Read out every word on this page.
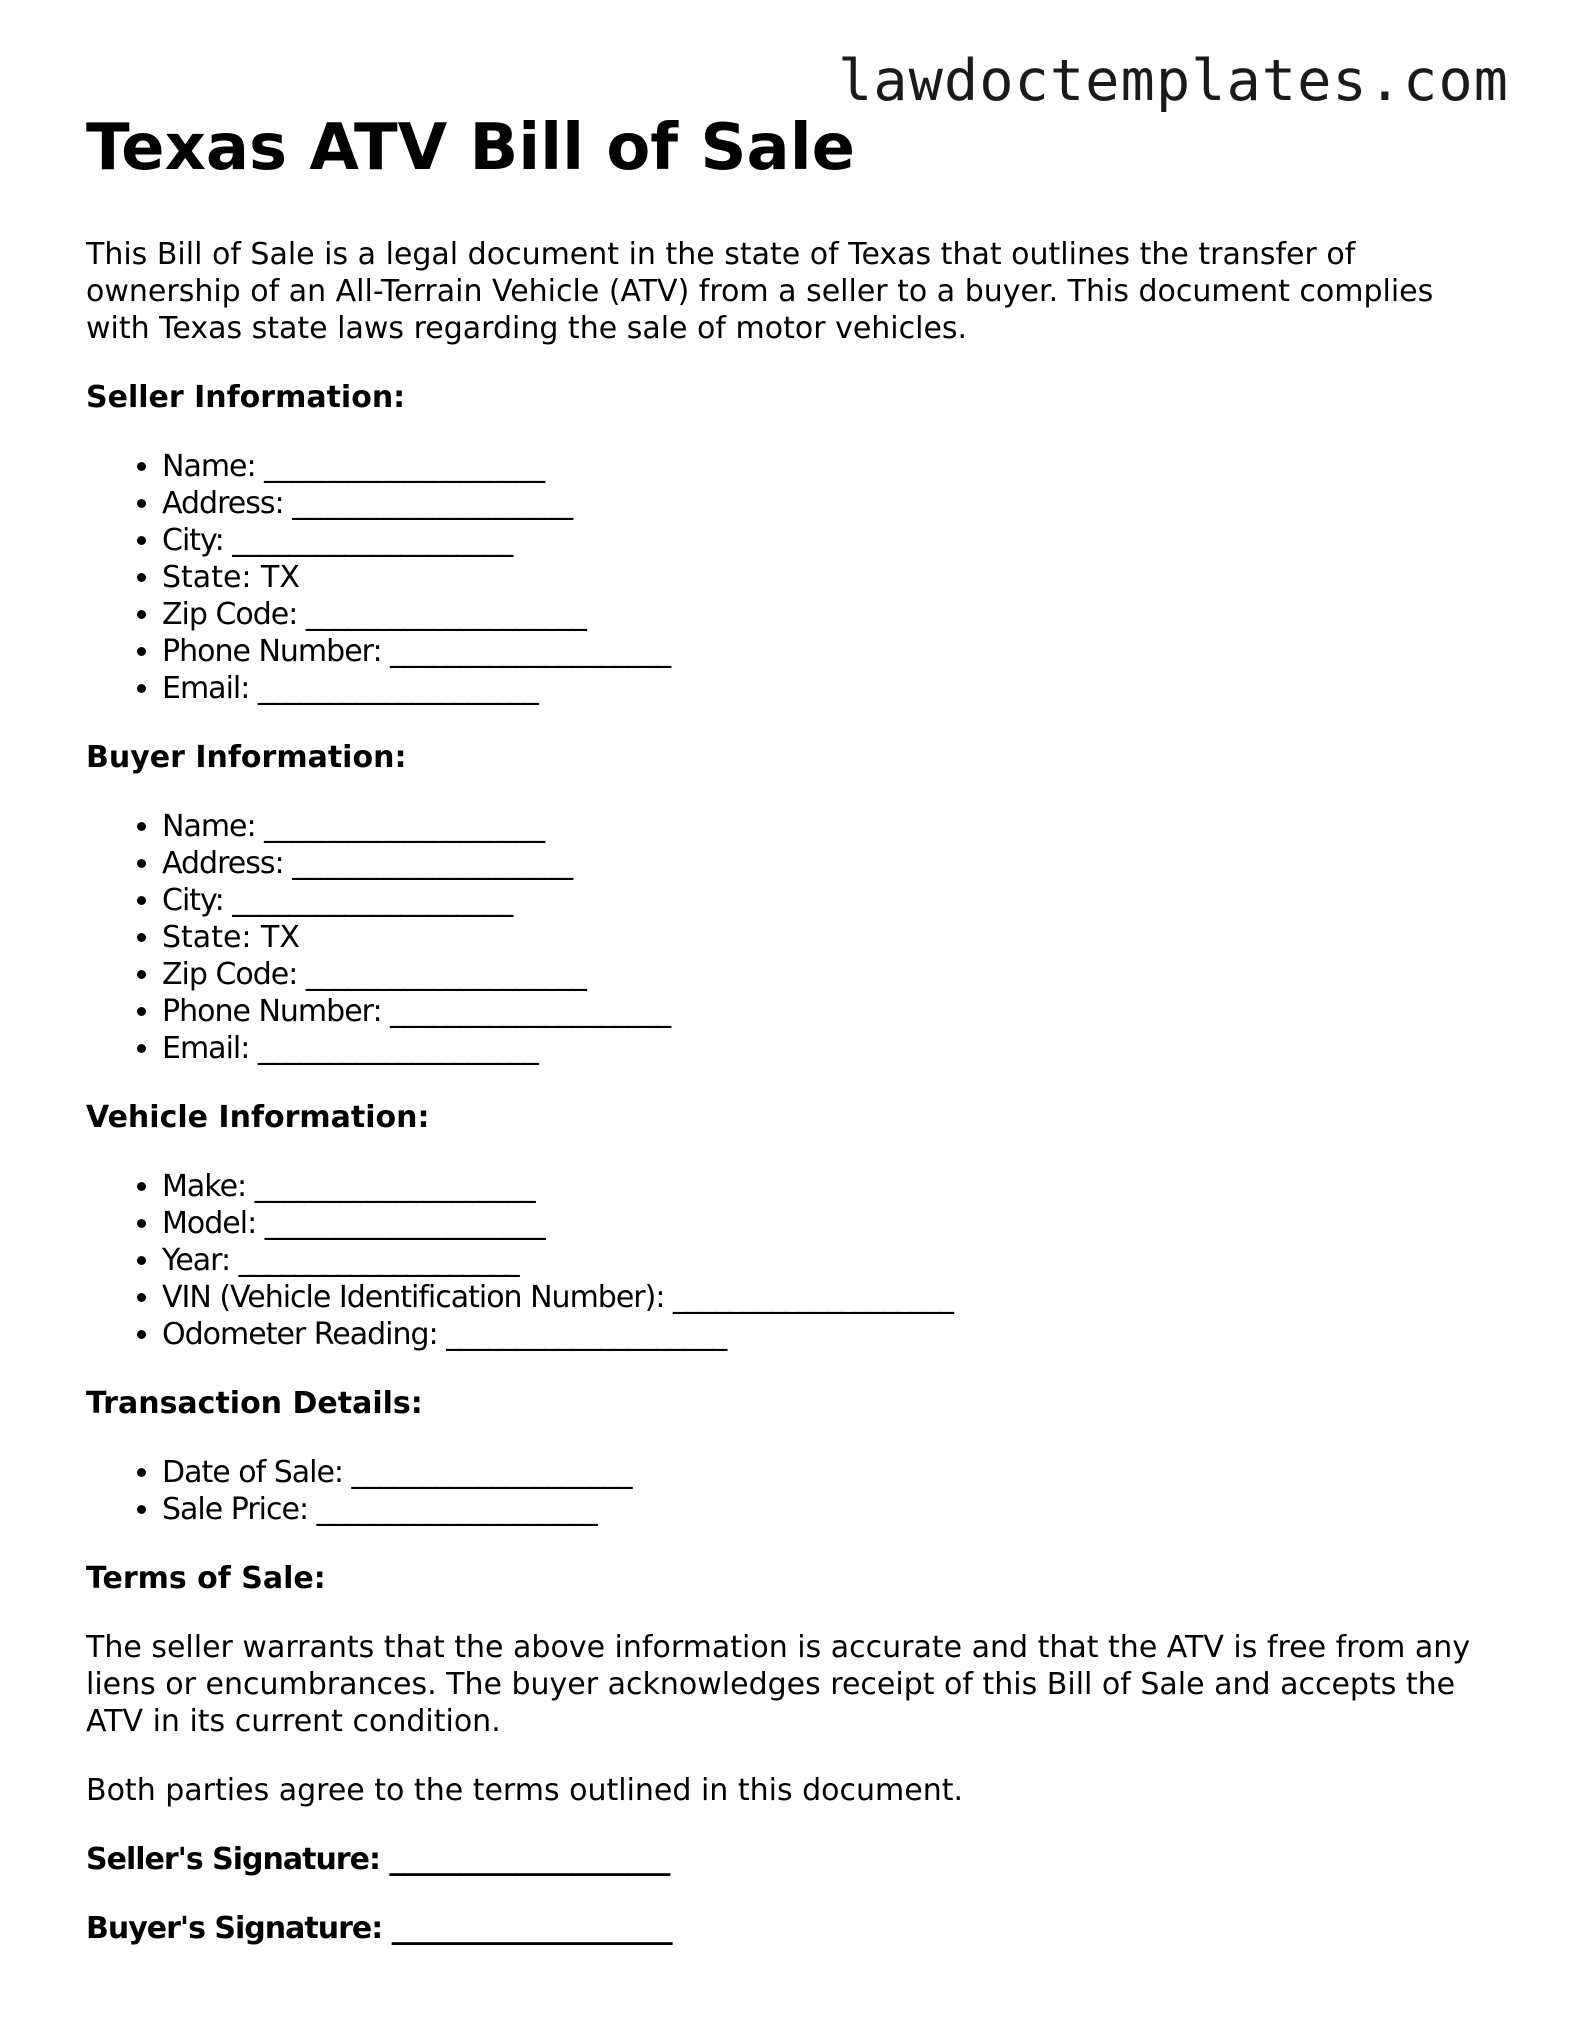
lawdoctemplates.com
Texas ATV Bill of Sale

This Bill of Sale is a legal document in the state of Texas that outlines the transfer of ownership of an All-Terrain Vehicle (ATV) from a seller to a buyer. This document complies with Texas state laws regarding the sale of motor vehicles.

Seller Information:
• Name: ____________________
• Address: ____________________
• City: ____________________
• State: TX
• Zip Code: ____________________
• Phone Number: ____________________
• Email: ____________________
Buyer Information:
• Name: ____________________
• Address: ____________________
• City: ____________________
• State: TX
• Zip Code: ____________________
• Phone Number: ____________________
• Email: ____________________
Vehicle Information:
• Make: ____________________
• Model: ____________________
• Year: ____________________
• VIN (Vehicle Identification Number): ____________________
• Odometer Reading: ____________________
Transaction Details:
• Date of Sale: ____________________
• Sale Price: ____________________
Terms of Sale:

The seller warrants that the above information is accurate and that the ATV is free from any liens or encumbrances. The buyer acknowledges receipt of this Bill of Sale and accepts the ATV in its current condition.

Both parties agree to the terms outlined in this document.

Seller's Signature: ____________________
Buyer's Signature: ____________________
